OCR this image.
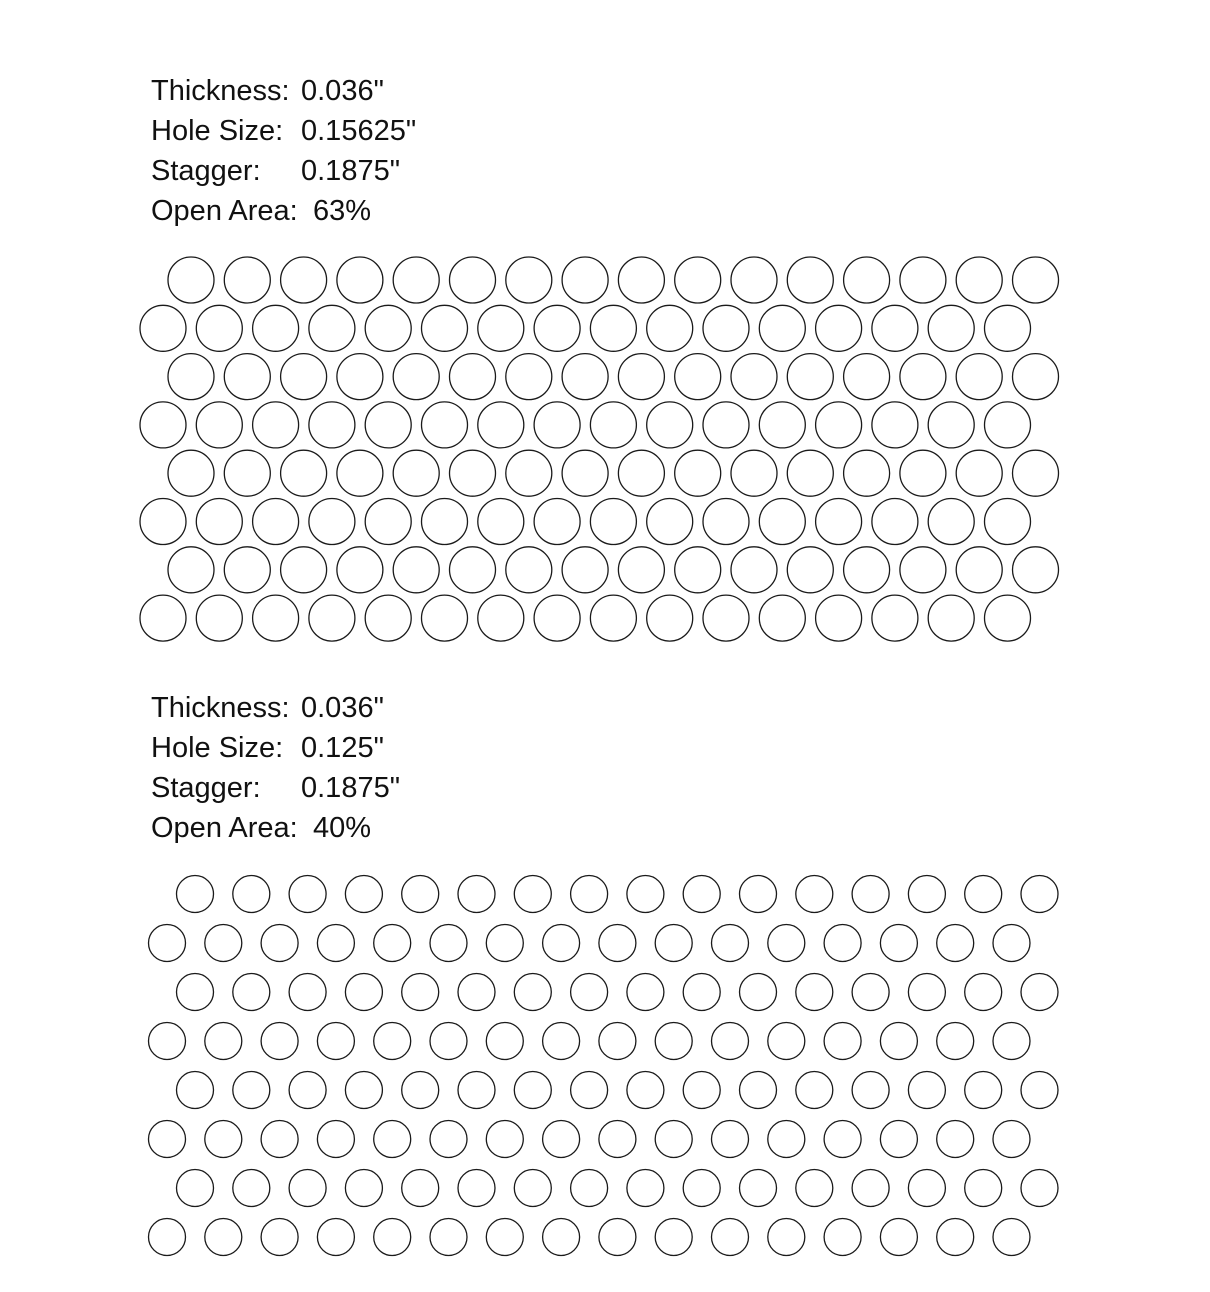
Thickness: 0.036"
Hole Size: 0.15625"
Stagger: 0.1875"
Open Area: 63%
Thickness: 0.036"
Hole Size: 0.125"
Stagger: 0.1875"
Open Area: 40%
